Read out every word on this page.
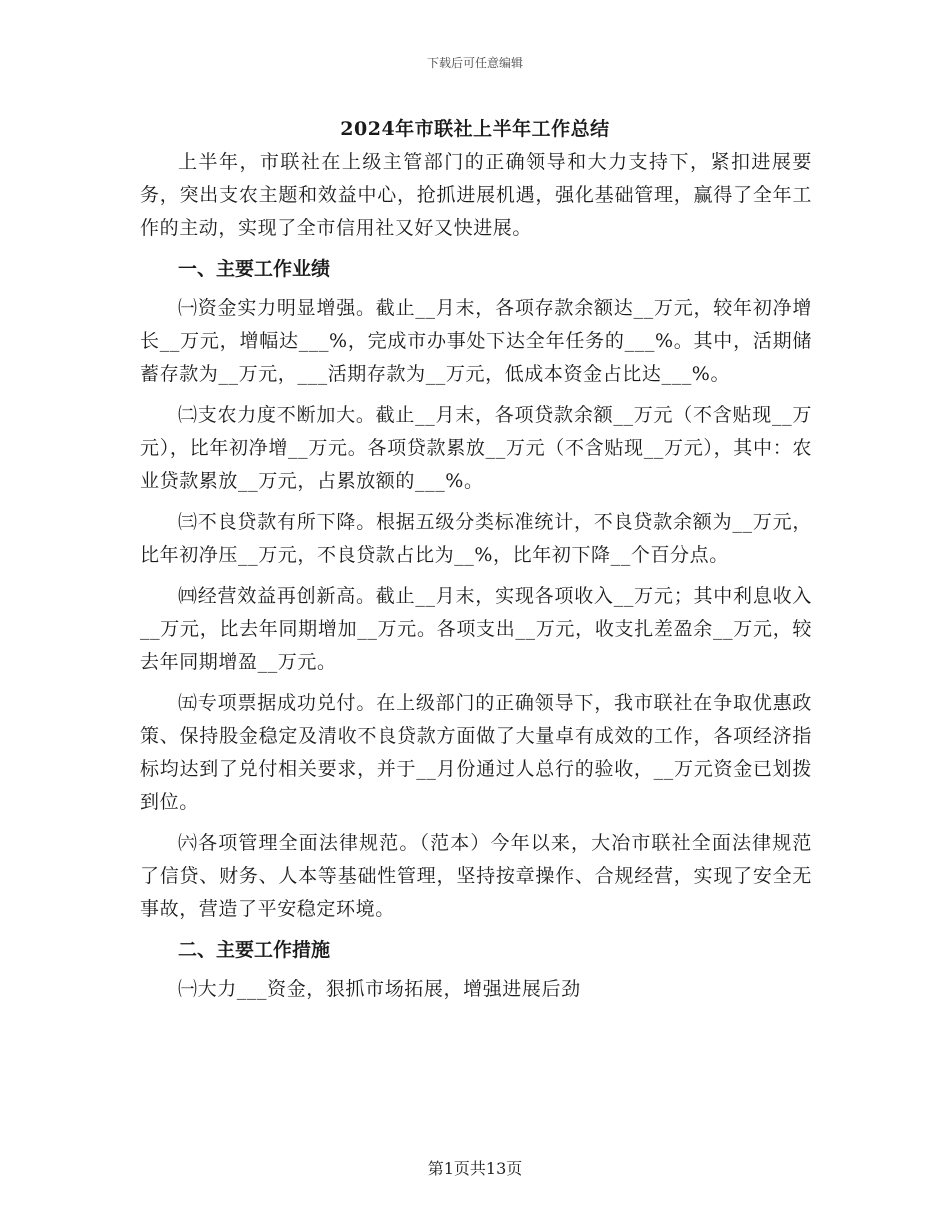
下载后可任意编辑
2024年市联社上半年工作总结

上半年，市联社在上级主管部门的正确领导和大力支持下，紧扣进展要务，突出支农主题和效益中心，抢抓进展机遇，强化基础管理，赢得了全年工作的主动，实现了全市信用社又好又快进展。

一、主要工作业绩

㈠资金实力明显增强。截止__月末，各项存款余额达__万元，较年初净增长__万元，增幅达___%，完成市办事处下达全年任务的___%。其中，活期储蓄存款为__万元，___活期存款为__万元，低成本资金占比达___%。

㈡支农力度不断加大。截止__月末，各项贷款余额__万元（不含贴现__万元），比年初净增__万元。各项贷款累放__万元（不含贴现__万元），其中：农业贷款累放__万元，占累放额的___%。

㈢不良贷款有所下降。根据五级分类标准统计，不良贷款余额为__万元，比年初净压__万元，不良贷款占比为__%，比年初下降__个百分点。

㈣经营效益再创新高。截止__月末，实现各项收入__万元；其中利息收入__万元，比去年同期增加__万元。各项支出__万元，收支扎差盈余__万元，较去年同期增盈__万元。

㈤专项票据成功兑付。在上级部门的正确领导下，我市联社在争取优惠政策、保持股金稳定及清收不良贷款方面做了大量卓有成效的工作，各项经济指标均达到了兑付相关要求，并于__月份通过人总行的验收，__万元资金已划拨到位。

㈥各项管理全面法律规范。（范本）今年以来，大冶市联社全面法律规范了信贷、财务、人本等基础性管理，坚持按章操作、合规经营，实现了安全无事故，营造了平安稳定环境。

二、主要工作措施

㈠大力___资金，狠抓市场拓展，增强进展后劲

第1页共13页
